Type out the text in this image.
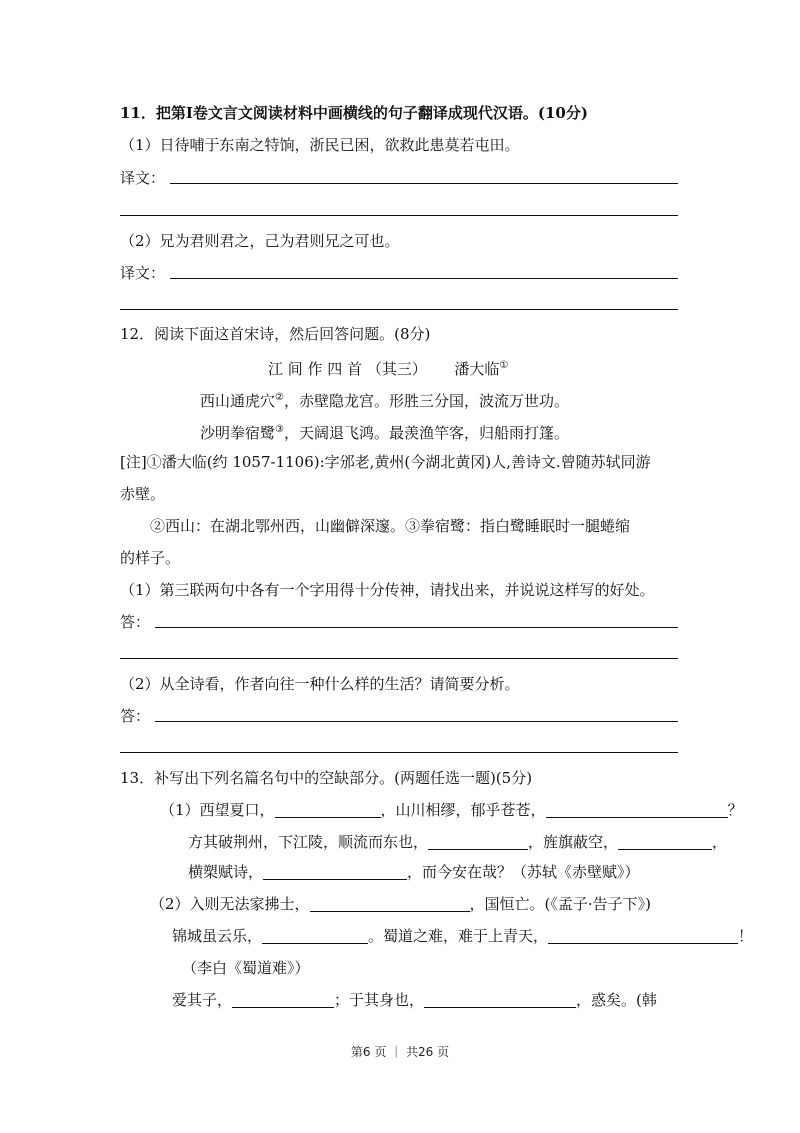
11．把第Ⅰ卷文言文阅读材料中画横线的句子翻译成现代汉语。(10分)
（1）日待哺于东南之特饷，浙民已困，欲救此患莫若屯田。
译文：
（2）兄为君则君之，己为君则兄之可也。
译文：
12．阅读下面这首宋诗，然后回答问题。(8分)
江 间 作 四 首 （其三） 潘大临①
西山通虎穴②，赤壁隐龙宫。形胜三分国，波流万世功。
沙明拳宿鹭③，天阔退飞鸿。最羡渔竿客，归船雨打篷。
[注]①潘大临(约 1057-1106):字邠老,黄州(今湖北黄冈)人,善诗文.曾随苏轼同游
赤壁。
②西山：在湖北鄂州西，山幽僻深邃。③拳宿鹭：指白鹭睡眠时一腿蜷缩
的样子。
（1）第三联两句中各有一个字用得十分传神，请找出来，并说说这样写的好处。
答：
（2）从全诗看，作者向往一种什么样的生活？请简要分析。
答：
13．补写出下列名篇名句中的空缺部分。(两题任选一题)(5分)
（1）西望夏口，	，山川相缪，郁乎苍苍，	？
方其破荆州，下江陵，顺流而东也，	，旌旗蔽空，	，
横槊赋诗，	，而今安在哉？（苏轼《赤壁赋》）
（2）入则无法家拂士，	，国恒亡。(《孟子·告子下》)
锦城虽云乐，	。蜀道之难，难于上青天，	！
（李白《蜀道难》）
爱其子，	；于其身也，	，惑矣。(韩
第6 页 ｜ 共26 页
